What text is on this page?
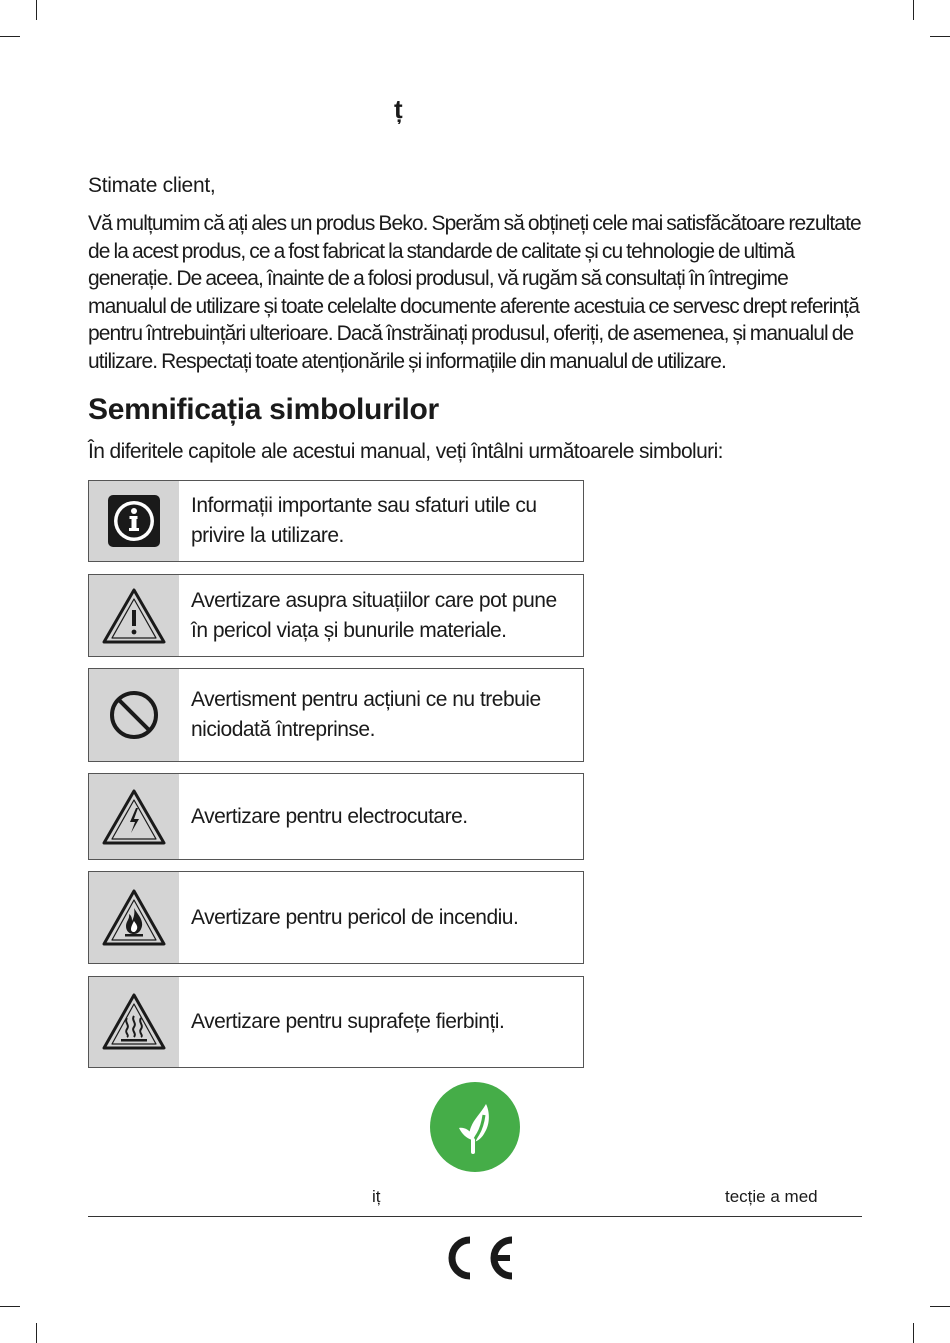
ț
Stimate client,
Vă mulțumim că ați ales un produs Beko. Sperăm să obțineți cele mai satisfăcătoare rezultate de la acest produs, ce a fost fabricat la standarde de calitate și cu tehnologie de ultimă generație. De aceea, înainte de a folosi produsul, vă rugăm să consultați în întregime manualul de utilizare și toate celelalte documente aferente acestuia ce servesc drept referință pentru întrebuințări ulterioare. Dacă înstrăinați produsul, oferiți, de asemenea, și manualul de utilizare. Respectați toate atenționările și informațiile din manualul de utilizare.
Semnificația simbolurilor
În diferitele capitole ale acestui manual, veți întâlni următoarele simboluri:
Informații importante sau sfaturi utile cu privire la utilizare.
Avertizare asupra situațiilor care pot pune în pericol viața și bunurile materiale.
Avertisment pentru acțiuni ce nu trebuie niciodată întreprinse.
Avertizare pentru electrocutare.
Avertizare pentru pericol de incendiu.
Avertizare pentru suprafețe fierbinți.
iț	tecție a med
